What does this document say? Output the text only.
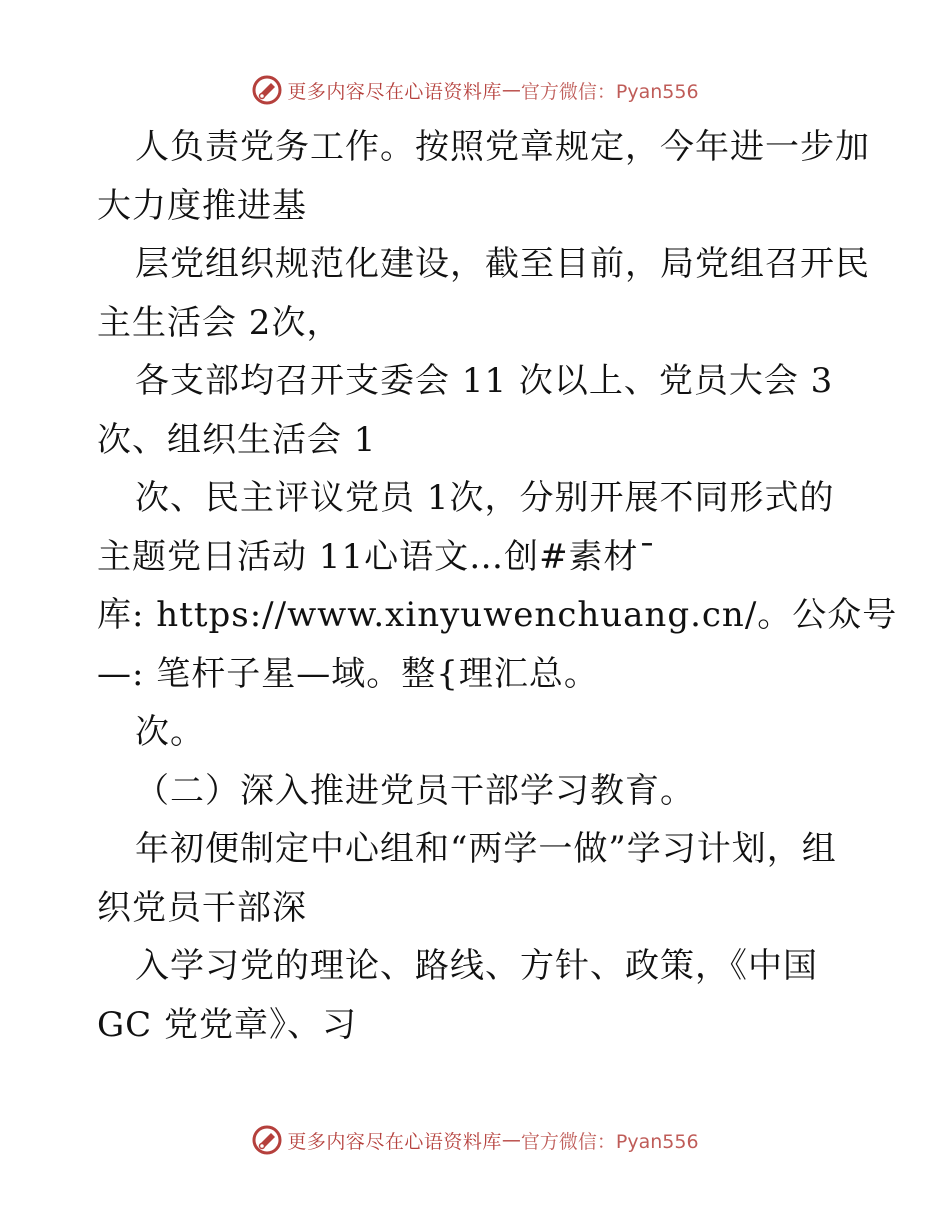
更多内容尽在心语资料库 — 官方微信：Pyan556
人负责党务工作。按照党章规定，今年进一步加
大力度推进基
层党组织规范化建设，截至目前，局党组召开民
主生活会 2次，
各支部均召开支委会 11 次以上、党员大会 3
次、组织生活会 1
次、民主评议党员 1次，分别开展不同形式的
主题党日活动 11心语文…创#素材¯
库: https://www.xinyuwenchuang.cn/。公众号
—: 笔杆子星—域。整{理汇总。
次。
（二）深入推进党员干部学习教育。
年初便制定中心组和“两学一做”学习计划，组
织党员干部深
入学习党的理论、路线、方针、政策，《中国
GC 党党章》、习
更多内容尽在心语资料库 — 官方微信：Pyan556
